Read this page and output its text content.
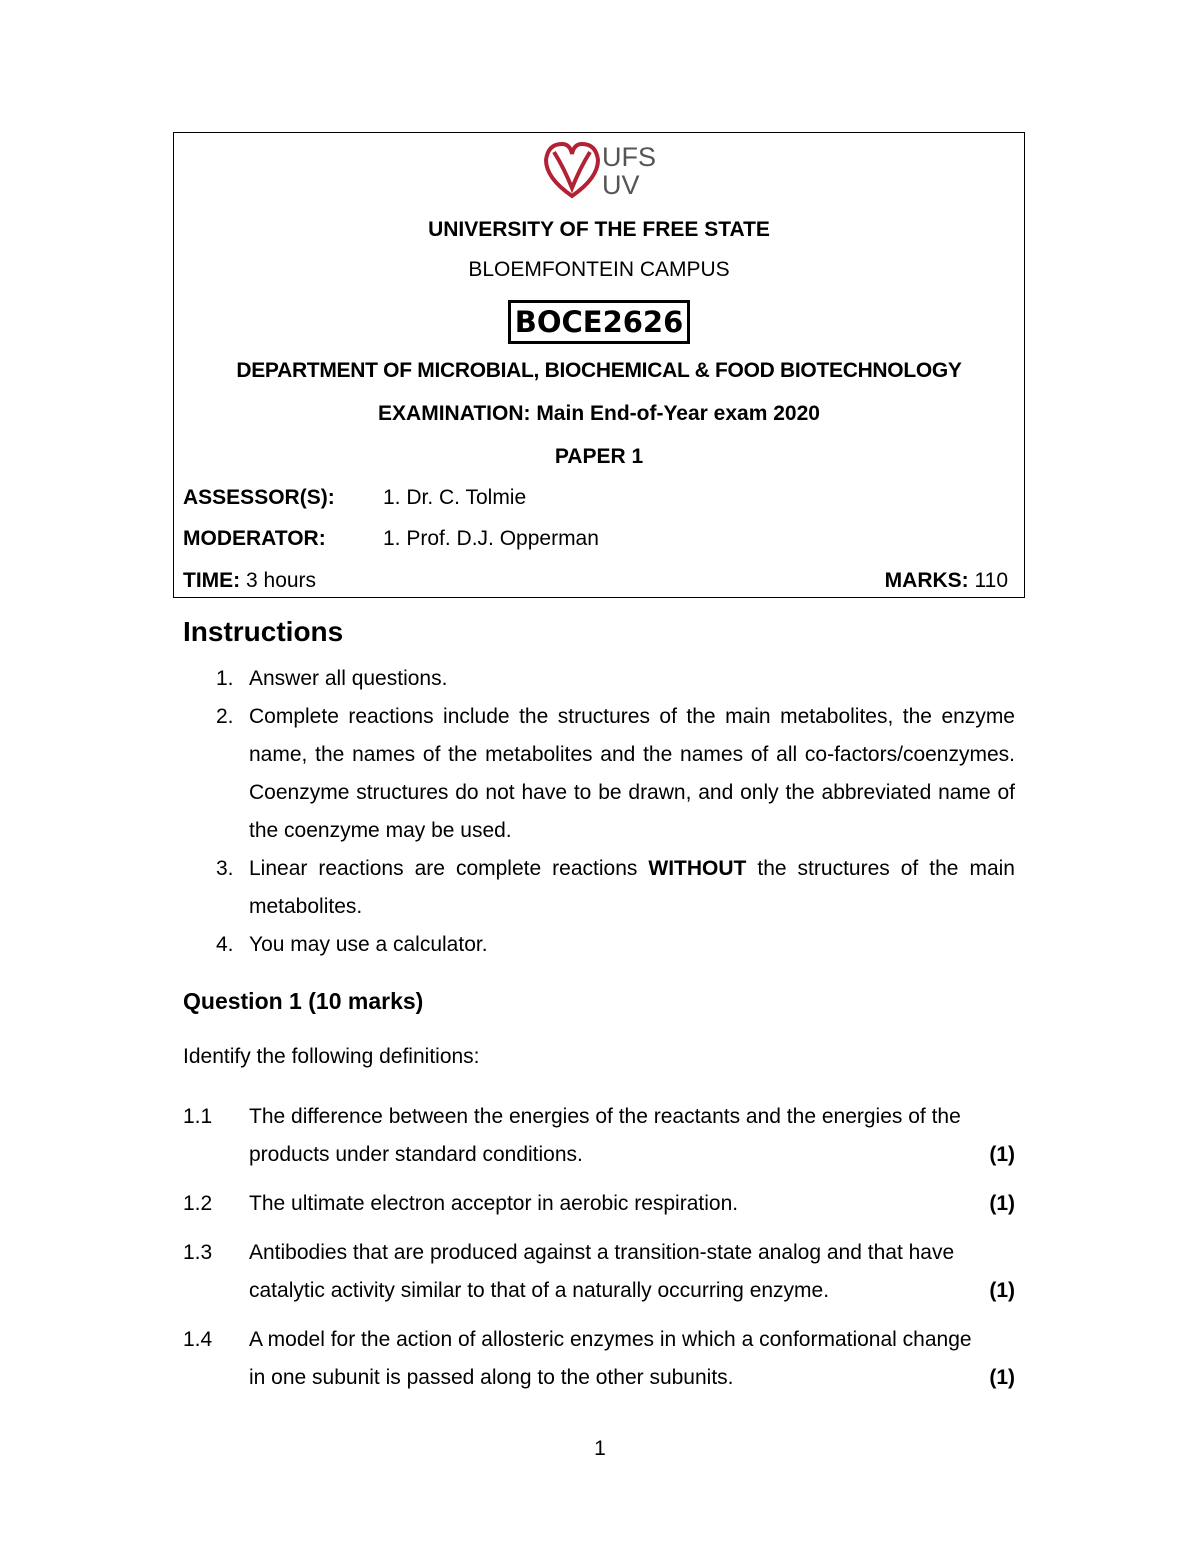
UFS
UV
UNIVERSITY OF THE FREE STATE
BLOEMFONTEIN CAMPUS
BOCE2626
DEPARTMENT OF MICROBIAL, BIOCHEMICAL & FOOD BIOTECHNOLOGY
EXAMINATION: Main End-of-Year exam 2020
PAPER 1
ASSESSOR(S): 1. Dr. C. Tolmie
MODERATOR:	1. Prof. D.J. Opperman
TIME: 3 hours	MARKS: 110
Instructions
1. Answer all questions.
2. Complete reactions include the structures of the main metabolites, the enzyme name, the names of the metabolites and the names of all co-factors/coenzymes. Coenzyme structures do not have to be drawn, and only the abbreviated name of the coenzyme may be used.
3. Linear reactions are complete reactions WITHOUT the structures of the main metabolites.
4. You may use a calculator.
Question 1 (10 marks)
Identify the following definitions:
1.1 The difference between the energies of the reactants and the energies of the
products under standard conditions.	(1)
1.2 The ultimate electron acceptor in aerobic respiration.	(1)
1.3 Antibodies that are produced against a transition-state analog and that have
catalytic activity similar to that of a naturally occurring enzyme.	(1)
1.4 A model for the action of allosteric enzymes in which a conformational change
in one subunit is passed along to the other subunits.	(1)
1
